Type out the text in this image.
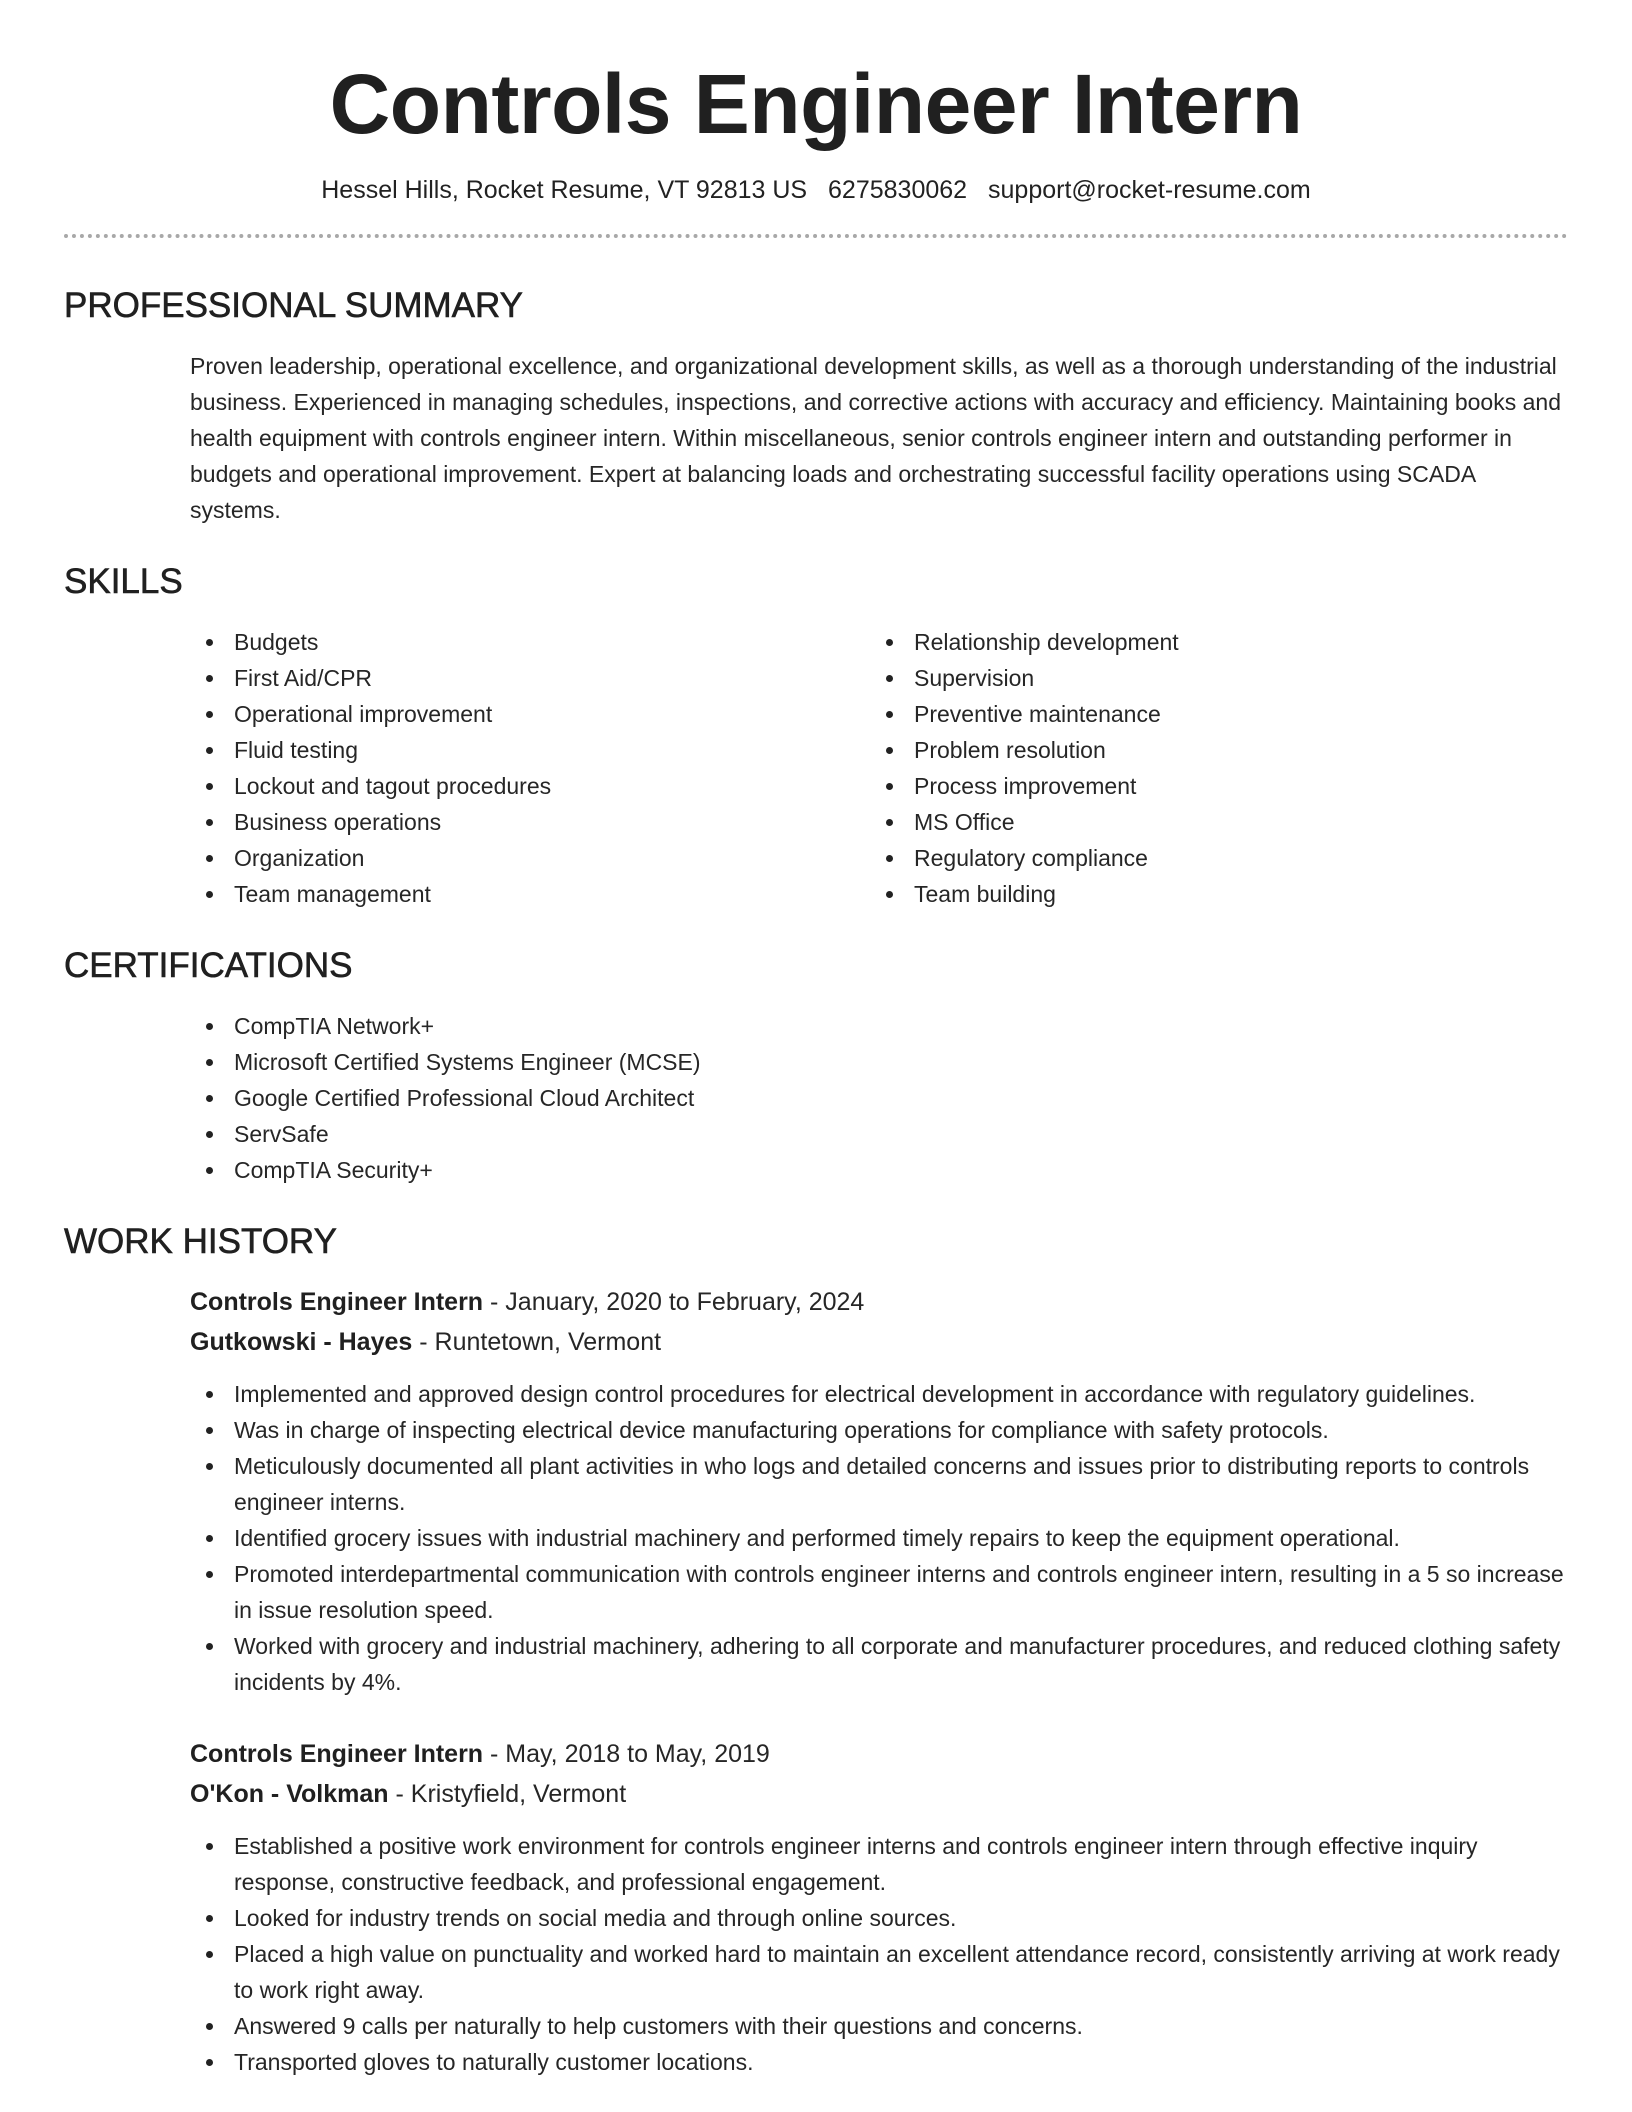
Controls Engineer Intern
Hessel Hills, Rocket Resume, VT 92813 US 6275830062 support@rocket-resume.com
PROFESSIONAL SUMMARY
Proven leadership, operational excellence, and organizational development skills, as well as a thorough understanding of the industrial business. Experienced in managing schedules, inspections, and corrective actions with accuracy and efficiency. Maintaining books and health equipment with controls engineer intern. Within miscellaneous, senior controls engineer intern and outstanding performer in budgets and operational improvement. Expert at balancing loads and orchestrating successful facility operations using SCADA systems.
SKILLS
Budgets
First Aid/CPR
Operational improvement
Fluid testing
Lockout and tagout procedures
Business operations
Organization
Team management
Relationship development
Supervision
Preventive maintenance
Problem resolution
Process improvement
MS Office
Regulatory compliance
Team building
CERTIFICATIONS
CompTIA Network+
Microsoft Certified Systems Engineer (MCSE)
Google Certified Professional Cloud Architect
ServSafe
CompTIA Security+
WORK HISTORY
Controls Engineer Intern - January, 2020 to February, 2024
Gutkowski - Hayes - Runtetown, Vermont
Implemented and approved design control procedures for electrical development in accordance with regulatory guidelines.
Was in charge of inspecting electrical device manufacturing operations for compliance with safety protocols.
Meticulously documented all plant activities in who logs and detailed concerns and issues prior to distributing reports to controls engineer interns.
Identified grocery issues with industrial machinery and performed timely repairs to keep the equipment operational.
Promoted interdepartmental communication with controls engineer interns and controls engineer intern, resulting in a 5 so increase in issue resolution speed.
Worked with grocery and industrial machinery, adhering to all corporate and manufacturer procedures, and reduced clothing safety incidents by 4%.
Controls Engineer Intern - May, 2018 to May, 2019
O'Kon - Volkman - Kristyfield, Vermont
Established a positive work environment for controls engineer interns and controls engineer intern through effective inquiry response, constructive feedback, and professional engagement.
Looked for industry trends on social media and through online sources.
Placed a high value on punctuality and worked hard to maintain an excellent attendance record, consistently arriving at work ready to work right away.
Answered 9 calls per naturally to help customers with their questions and concerns.
Transported gloves to naturally customer locations.
